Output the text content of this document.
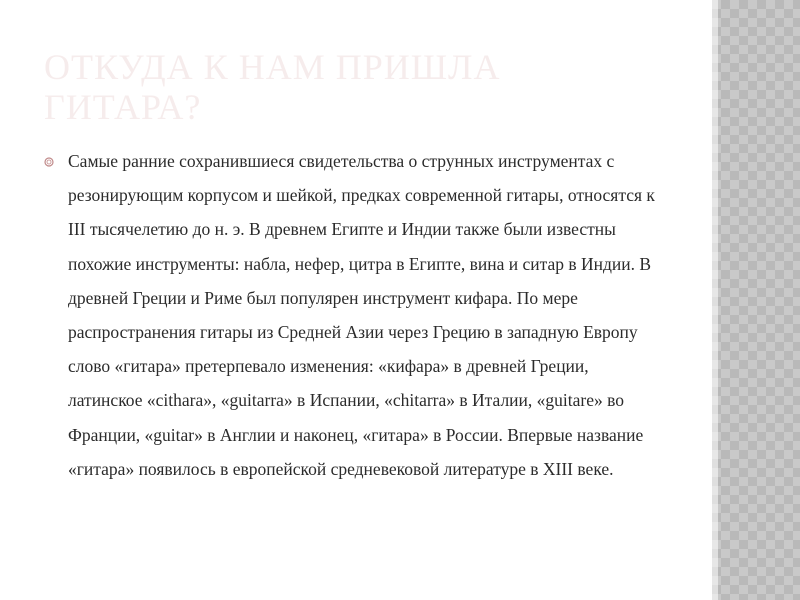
ОТКУДА К НАМ ПРИШЛА ГИТАРА?

Самые ранние сохранившиеся свидетельства о струнных инструментах с резонирующим корпусом и шейкой, предках современной гитары, относятся к III тысячелетию до н. э. В древнем Египте и Индии также были известны похожие инструменты: набла, нефер, цитра в Египте, вина и ситар в Индии. В древней Греции и Риме был популярен инструмент кифара. По мере распространения гитары из Средней Азии через Грецию в западную Европу слово «гитара» претерпевало изменения: «кифара» в древней Греции, латинское «cithara», «guitarra» в Испании, «chitarra» в Италии, «guitare» во Франции, «guitar» в Англии и наконец, «гитара» в России. Впервые название «гитара» появилось в европейской средневековой литературе в XIII веке.
